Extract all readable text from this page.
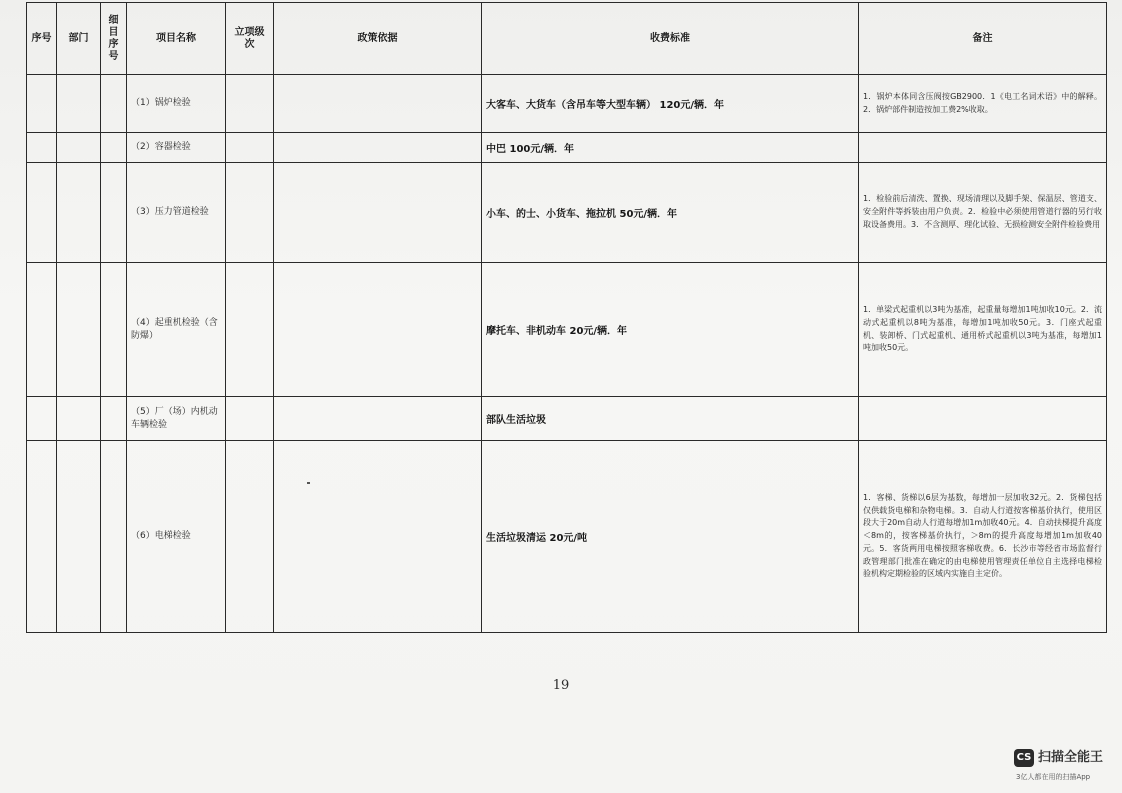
序号	部门	细目序号	项目名称	立项级次	政策依据	收费标准	备注
			（1）锅炉检验			大客车、大货车（含吊车等大型车辆） 120元/辆．年	1．锅炉本体同含压阀按GB2900．1《电工名词术语》中的解释。2．锅炉部件制造按加工费2%收取。
			（2）容器检验			中巴 100元/辆．年	
			（3）压力管道检验			小车、的士、小货车、拖拉机 50元/辆．年	1．检验前后清洗、置换、现场清理以及脚手架、保温层、管道支、安全附件等拆装由用户负责。2．检验中必须使用管道行器的另行收取设备费用。3．不含测厚、理化试验、无损检测安全附件检验费用
			（4）起重机检验（含防爆）			摩托车、非机动车 20元/辆．年	1．单梁式起重机以3吨为基准，起重量每增加1吨加收10元。2．流动式起重机以8吨为基准，每增加1吨加收50元。3．门座式起重机、装卸桥、门式起重机、通用桥式起重机以3吨为基准，每增加1吨加收50元。
			（5）厂（场）内机动车辆检验			部队生活垃圾	
			（6）电梯检验			生活垃圾清运 20元/吨	1．客梯、货梯以6层为基数，每增加一层加收32元。2．货梯包括仅供载货电梯和杂物电梯。3．自动人行道按客梯基价执行，使用区段大于20m自动人行道每增加1m加收40元。4．自动扶梯提升高度＜8m的，按客梯基价执行，＞8m的提升高度每增加1m加收40元。5．客货两用电梯按照客梯收费。6．长沙市等经省市场监督行政管理部门批准在确定的由电梯使用管理责任单位自主选择电梯检验机构定期检验的区域内实施自主定价。
19
CS 扫描全能王
3亿人都在用的扫描App
